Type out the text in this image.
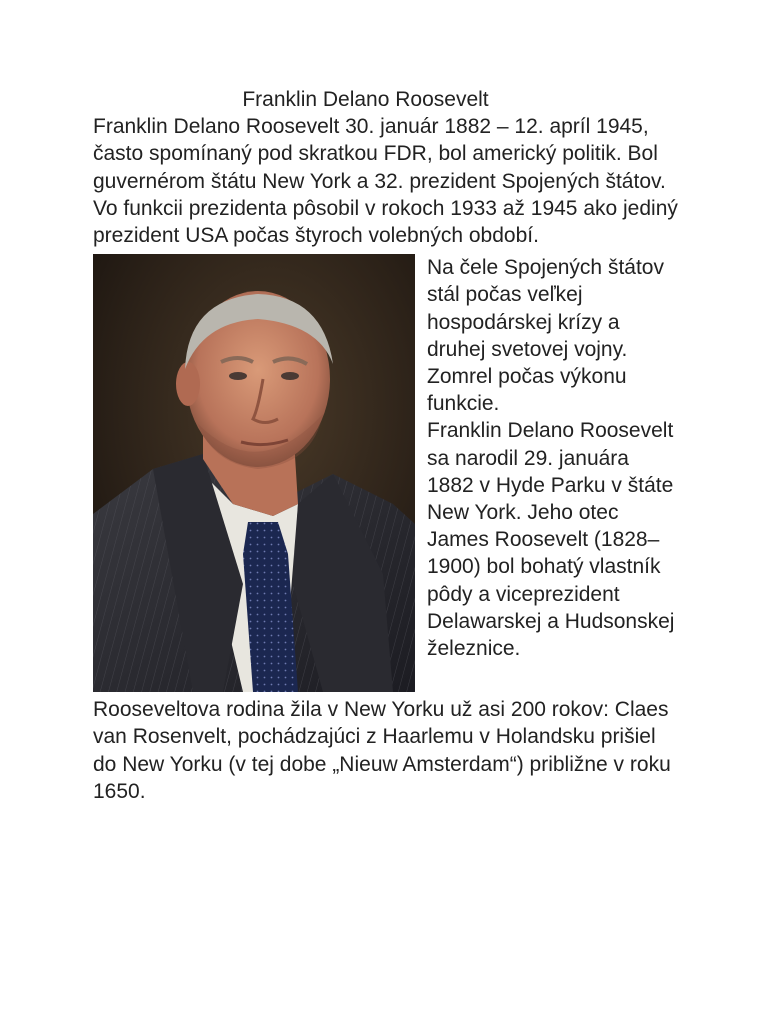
Franklin Delano Roosevelt

Franklin Delano Roosevelt 30. január 1882 – 12. apríl 1945, často spomínaný pod skratkou FDR, bol americký politik. Bol guvernérom štátu New York a 32. prezident Spojených štátov. Vo funkcii prezidenta pôsobil v rokoch 1933 až 1945 ako jediný prezident USA počas štyroch volebných období.

Na čele Spojených štátov stál počas veľkej hospodárskej krízy a druhej svetovej vojny. Zomrel počas výkonu funkcie.

Franklin Delano Roosevelt sa narodil 29. januára 1882 v Hyde Parku v štáte New York. Jeho otec James Roosevelt (1828–1900) bol bohatý vlastník pôdy a viceprezident Delawarskej a Hudsonskej železnice.

Rooseveltova rodina žila v New Yorku už asi 200 rokov: Claes van Rosenvelt, pochádzajúci z Haarlemu v Holandsku prišiel do New Yorku (v tej dobe „Nieuw Amsterdam“) približne v roku 1650.
